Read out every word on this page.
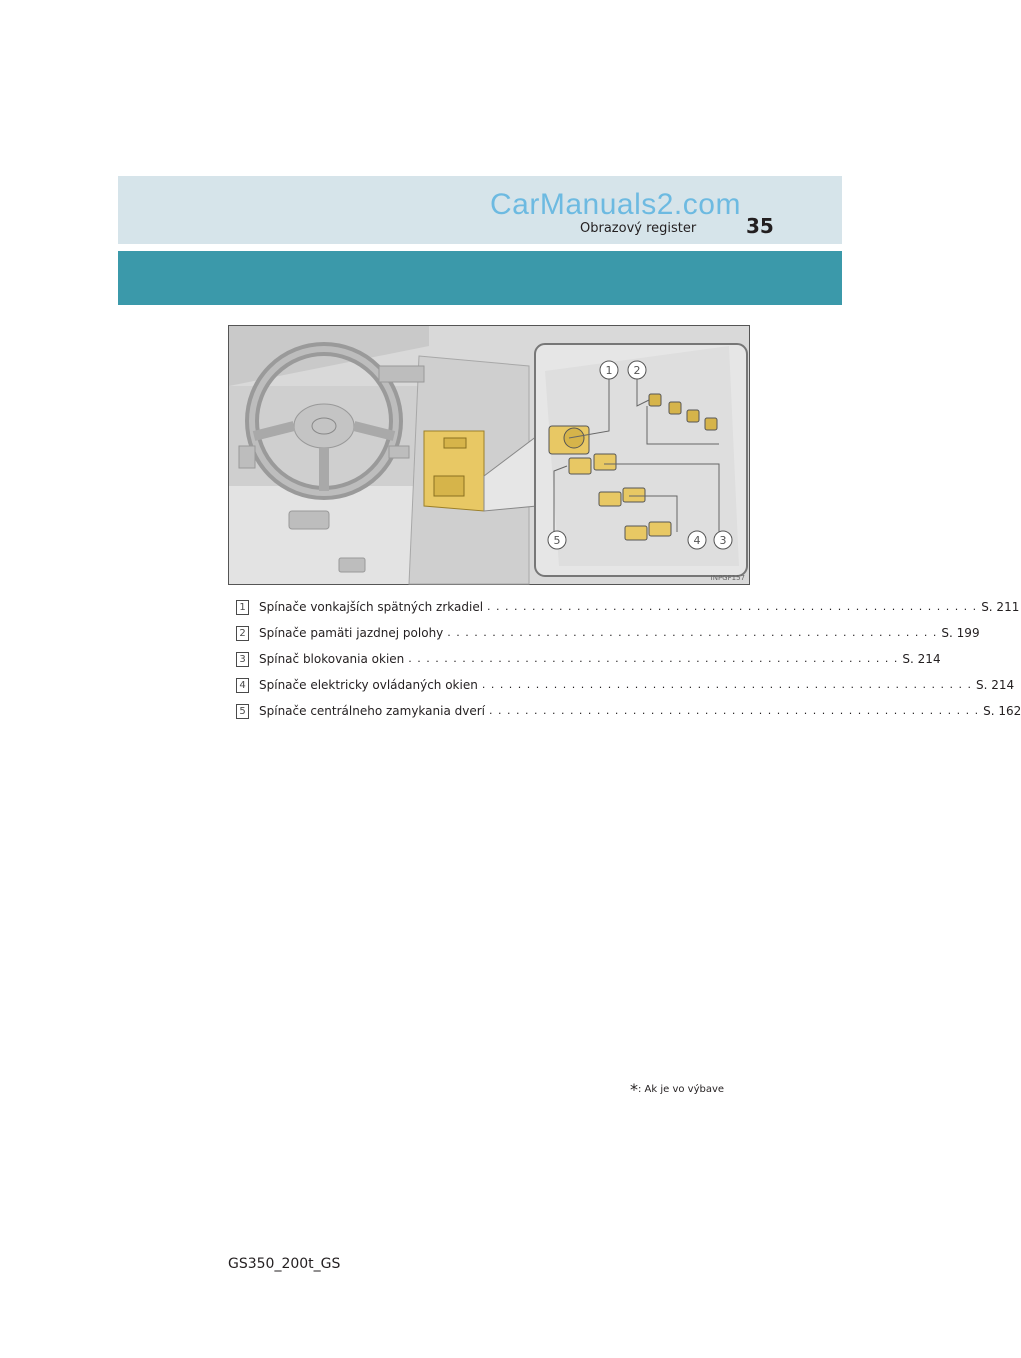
CarManuals2.com
Obrazový register 35
1 2
3
4
5
INPGF157
1 Spínače vonkajších spätných zrkadiel . . . . . . . . . . . . . . . . . . . . . . . . . . . . . . . . . . . . . . . . . . . . . . . . . . . . . . . S. 211
2 Spínače pamäti jazdnej polohy . . . . . . . . . . . . . . . . . . . . . . . . . . . . . . . . . . . . . . . . . . . . . . . . . . . . . . . S. 199
3 Spínač blokovania okien . . . . . . . . . . . . . . . . . . . . . . . . . . . . . . . . . . . . . . . . . . . . . . . . . . . . . . . S. 214
4 Spínače elektricky ovládaných okien . . . . . . . . . . . . . . . . . . . . . . . . . . . . . . . . . . . . . . . . . . . . . . . . . . . . . . . S. 214
5 Spínače centrálneho zamykania dverí . . . . . . . . . . . . . . . . . . . . . . . . . . . . . . . . . . . . . . . . . . . . . . . . . . . . . . . S. 162
*: Ak je vo výbave
GS350_200t_GS
